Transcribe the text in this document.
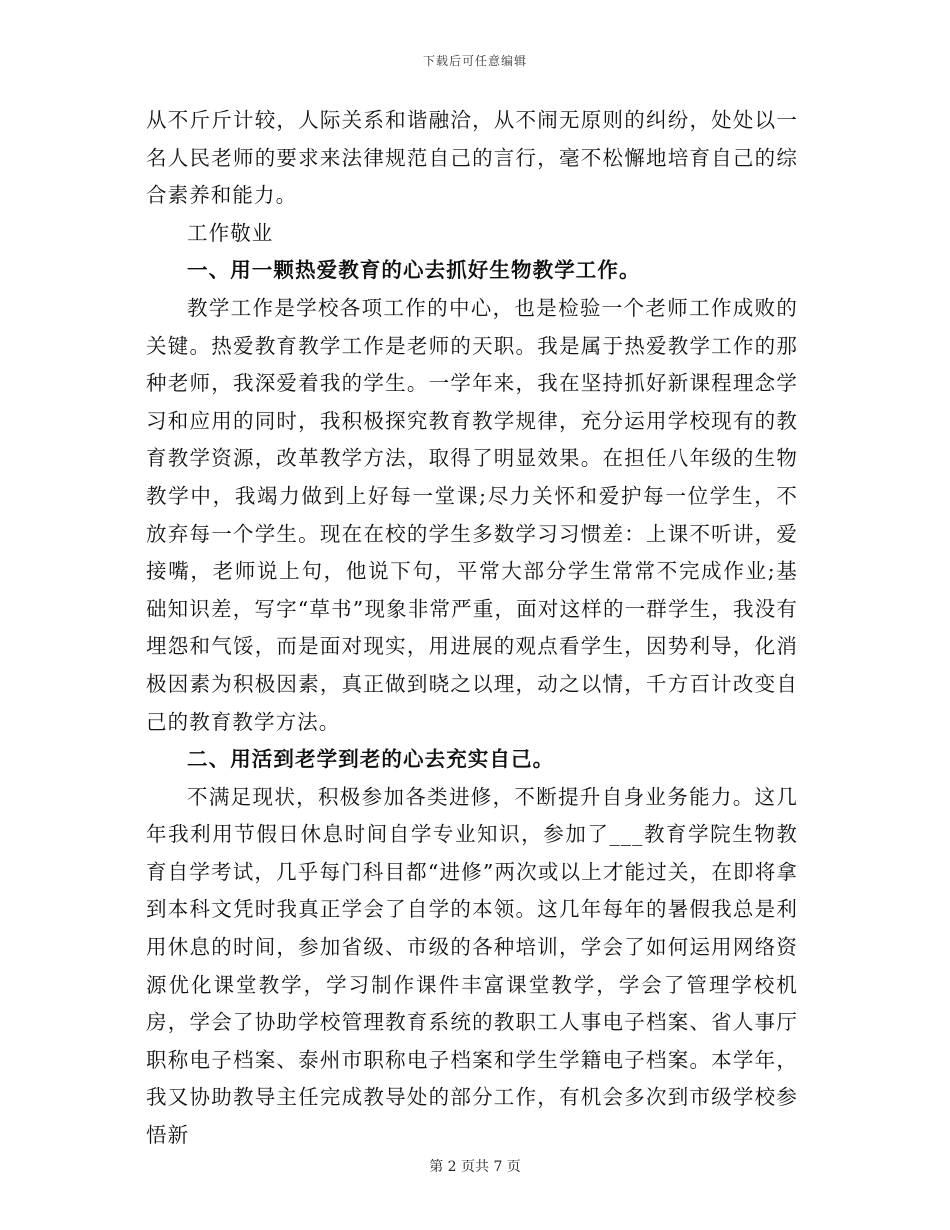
下载后可任意编辑

从不斤斤计较，人际关系和谐融洽，从不闹无原则的纠纷，处处以一名人民老师的要求来法律规范自己的言行，毫不松懈地培育自己的综合素养和能力。

工作敬业

一、用一颗热爱教育的心去抓好生物教学工作。

教学工作是学校各项工作的中心，也是检验一个老师工作成败的关键。热爱教育教学工作是老师的天职。我是属于热爱教学工作的那种老师，我深爱着我的学生。一学年来，我在坚持抓好新课程理念学习和应用的同时，我积极探究教育教学规律，充分运用学校现有的教育教学资源，改革教学方法，取得了明显效果。在担任八年级的生物教学中，我竭力做到上好每一堂课;尽力关怀和爱护每一位学生，不放弃每一个学生。现在在校的学生多数学习习惯差：上课不听讲，爱接嘴，老师说上句，他说下句，平常大部分学生常常不完成作业;基础知识差，写字“草书”现象非常严重，面对这样的一群学生，我没有埋怨和气馁，而是面对现实，用进展的观点看学生，因势利导，化消极因素为积极因素，真正做到晓之以理，动之以情，千方百计改变自己的教育教学方法。

二、用活到老学到老的心去充实自己。

不满足现状，积极参加各类进修，不断提升自身业务能力。这几年我利用节假日休息时间自学专业知识，参加了___教育学院生物教育自学考试，几乎每门科目都“进修”两次或以上才能过关，在即将拿到本科文凭时我真正学会了自学的本领。这几年每年的暑假我总是利用休息的时间，参加省级、市级的各种培训，学会了如何运用网络资源优化课堂教学，学习制作课件丰富课堂教学，学会了管理学校机房，学会了协助学校管理教育系统的教职工人事电子档案、省人事厅职称电子档案、泰州市职称电子档案和学生学籍电子档案。本学年，我又协助教导主任完成教导处的部分工作，有机会多次到市级学校参悟新

第 2 页共 7 页
